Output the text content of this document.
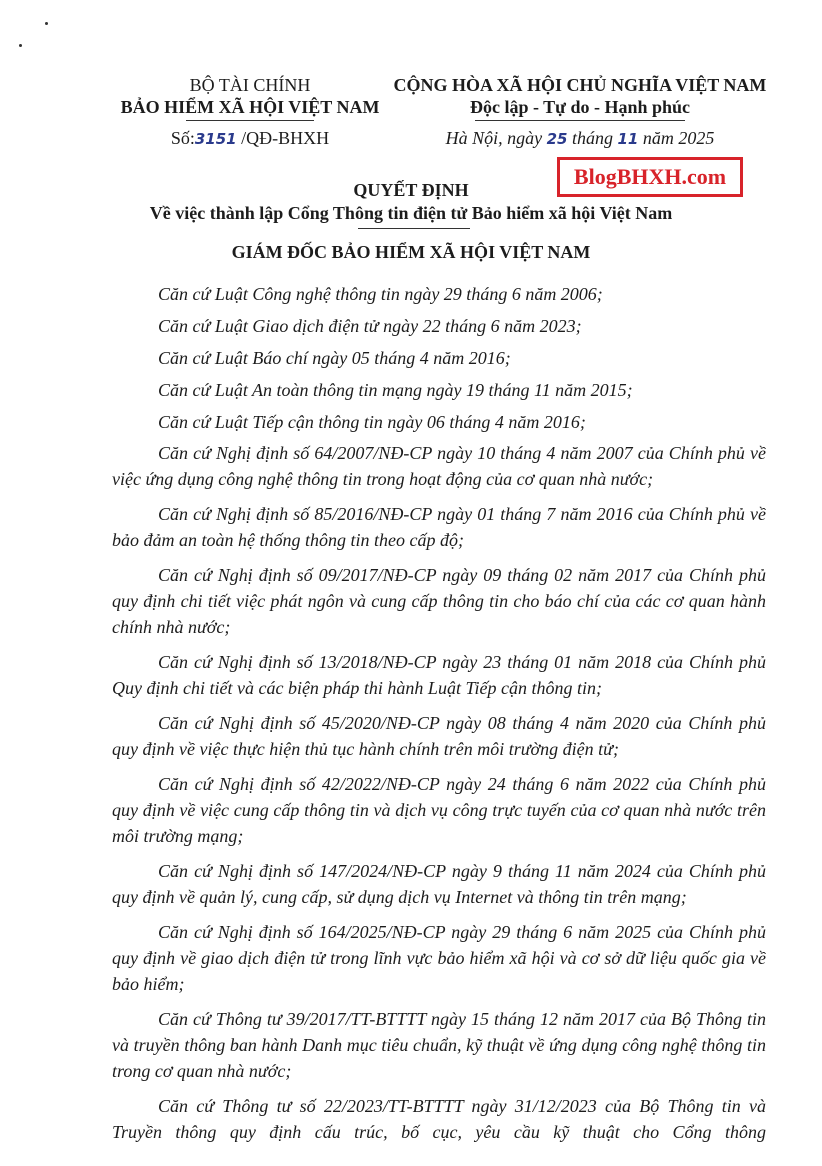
BỘ TÀI CHÍNH
BẢO HIỂM XÃ HỘI VIỆT NAM
Số:3151 /QĐ-BHXH
CỘNG HÒA XÃ HỘI CHỦ NGHĨA VIỆT NAM
Độc lập - Tự do - Hạnh phúc
Hà Nội, ngày 25 tháng 11 năm 2025
BlogBHXH.com
QUYẾT ĐỊNH
Về việc thành lập Cổng Thông tin điện tử Bảo hiểm xã hội Việt Nam
GIÁM ĐỐC BẢO HIỂM XÃ HỘI VIỆT NAM

Căn cứ Luật Công nghệ thông tin ngày 29 tháng 6 năm 2006;

Căn cứ Luật Giao dịch điện tử ngày 22 tháng 6 năm 2023;

Căn cứ Luật Báo chí ngày 05 tháng 4 năm 2016;

Căn cứ Luật An toàn thông tin mạng ngày 19 tháng 11 năm 2015;

Căn cứ Luật Tiếp cận thông tin ngày 06 tháng 4 năm 2016;

Căn cứ Nghị định số 64/2007/NĐ-CP ngày 10 tháng 4 năm 2007 của Chính phủ về việc ứng dụng công nghệ thông tin trong hoạt động của cơ quan nhà nước;

Căn cứ Nghị định số 85/2016/NĐ-CP ngày 01 tháng 7 năm 2016 của Chính phủ về bảo đảm an toàn hệ thống thông tin theo cấp độ;

Căn cứ Nghị định số 09/2017/NĐ-CP ngày 09 tháng 02 năm 2017 của Chính phủ quy định chi tiết việc phát ngôn và cung cấp thông tin cho báo chí của các cơ quan hành chính nhà nước;

Căn cứ Nghị định số 13/2018/NĐ-CP ngày 23 tháng 01 năm 2018 của Chính phủ Quy định chi tiết và các biện pháp thi hành Luật Tiếp cận thông tin;

Căn cứ Nghị định số 45/2020/NĐ-CP ngày 08 tháng 4 năm 2020 của Chính phủ quy định về việc thực hiện thủ tục hành chính trên môi trường điện tử;

Căn cứ Nghị định số 42/2022/NĐ-CP ngày 24 tháng 6 năm 2022 của Chính phủ quy định về việc cung cấp thông tin và dịch vụ công trực tuyến của cơ quan nhà nước trên môi trường mạng;

Căn cứ Nghị định số 147/2024/NĐ-CP ngày 9 tháng 11 năm 2024 của Chính phủ quy định về quản lý, cung cấp, sử dụng dịch vụ Internet và thông tin trên mạng;

Căn cứ Nghị định số 164/2025/NĐ-CP ngày 29 tháng 6 năm 2025 của Chính phủ quy định về giao dịch điện tử trong lĩnh vực bảo hiểm xã hội và cơ sở dữ liệu quốc gia về bảo hiểm;

Căn cứ Thông tư 39/2017/TT-BTTTT ngày 15 tháng 12 năm 2017 của Bộ Thông tin và truyền thông ban hành Danh mục tiêu chuẩn, kỹ thuật về ứng dụng công nghệ thông tin trong cơ quan nhà nước;

Căn cứ Thông tư số 22/2023/TT-BTTTT ngày 31/12/2023 của Bộ Thông tin và Truyền thông quy định cấu trúc, bố cục, yêu cầu kỹ thuật cho Cổng thông
